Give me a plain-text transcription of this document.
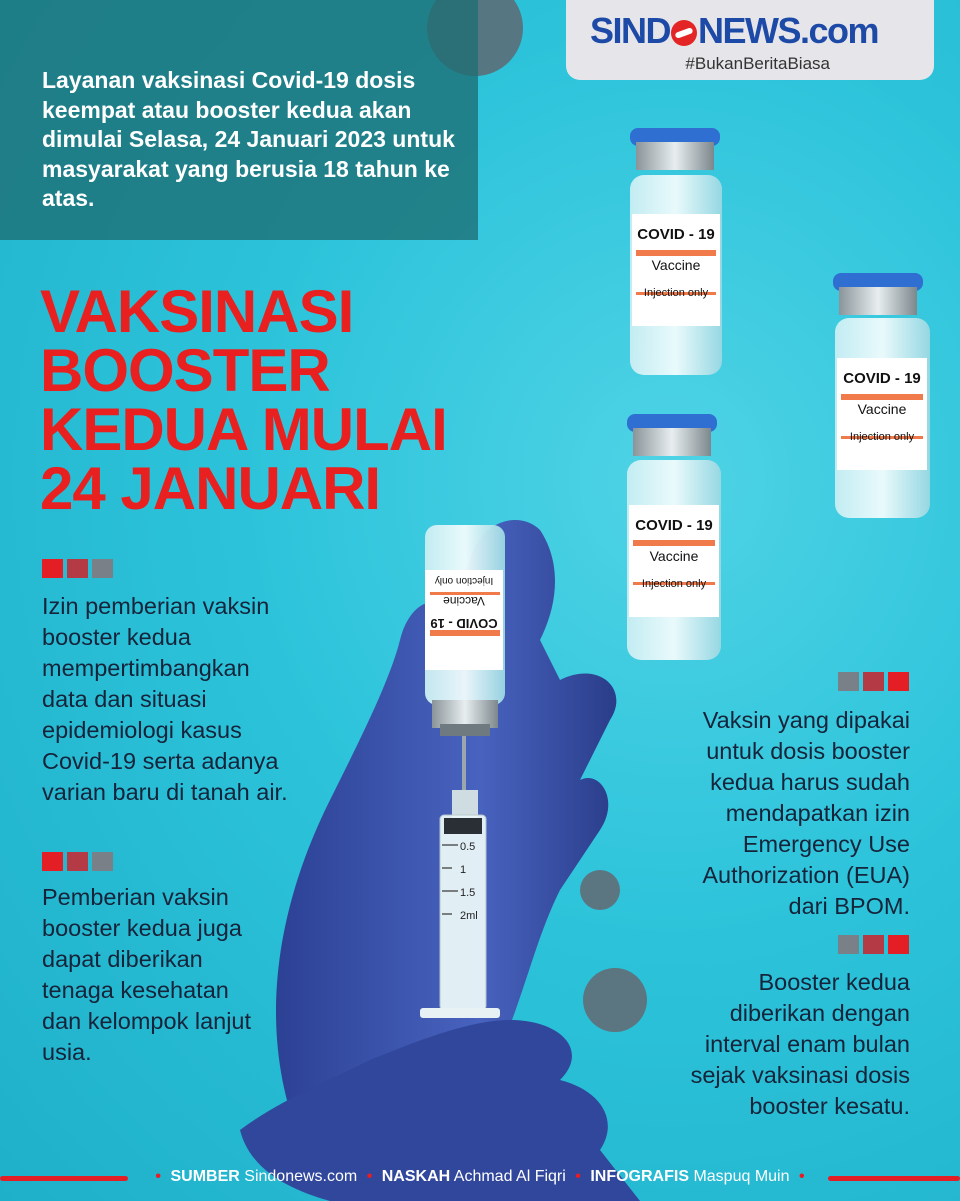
COVID - 19
Vaccine
Injection only
COVID - 19
Vaccine
Injection only
COVID - 19
Vaccine
Injection only
COVID - 19
Vaccine
Injection only
0.5
1
1.5
2ml
Layanan vaksinasi Covid-19 dosis keempat atau booster kedua akan dimulai Selasa, 24 Januari 2023 untuk masyarakat yang berusia 18 tahun ke atas.
SIND NEWS.com
#BukanBeritaBiasa
VAKSINASI
BOOSTER
KEDUA MULAI
24 JANUARI
Izin pemberian vaksin booster kedua mempertimbangkan data dan situasi epidemiologi kasus Covid-19 serta adanya varian baru di tanah air.
Pemberian vaksin booster kedua juga dapat diberikan tenaga kesehatan dan kelompok lanjut usia.
Vaksin yang dipakai untuk dosis booster kedua harus sudah mendapatkan izin Emergency Use Authorization (EUA) dari BPOM.
Booster kedua diberikan dengan interval enam bulan sejak vaksinasi dosis booster kesatu.
• SUMBER Sindonews.com • NASKAH Achmad Al Fiqri • INFOGRAFIS Maspuq Muin •
